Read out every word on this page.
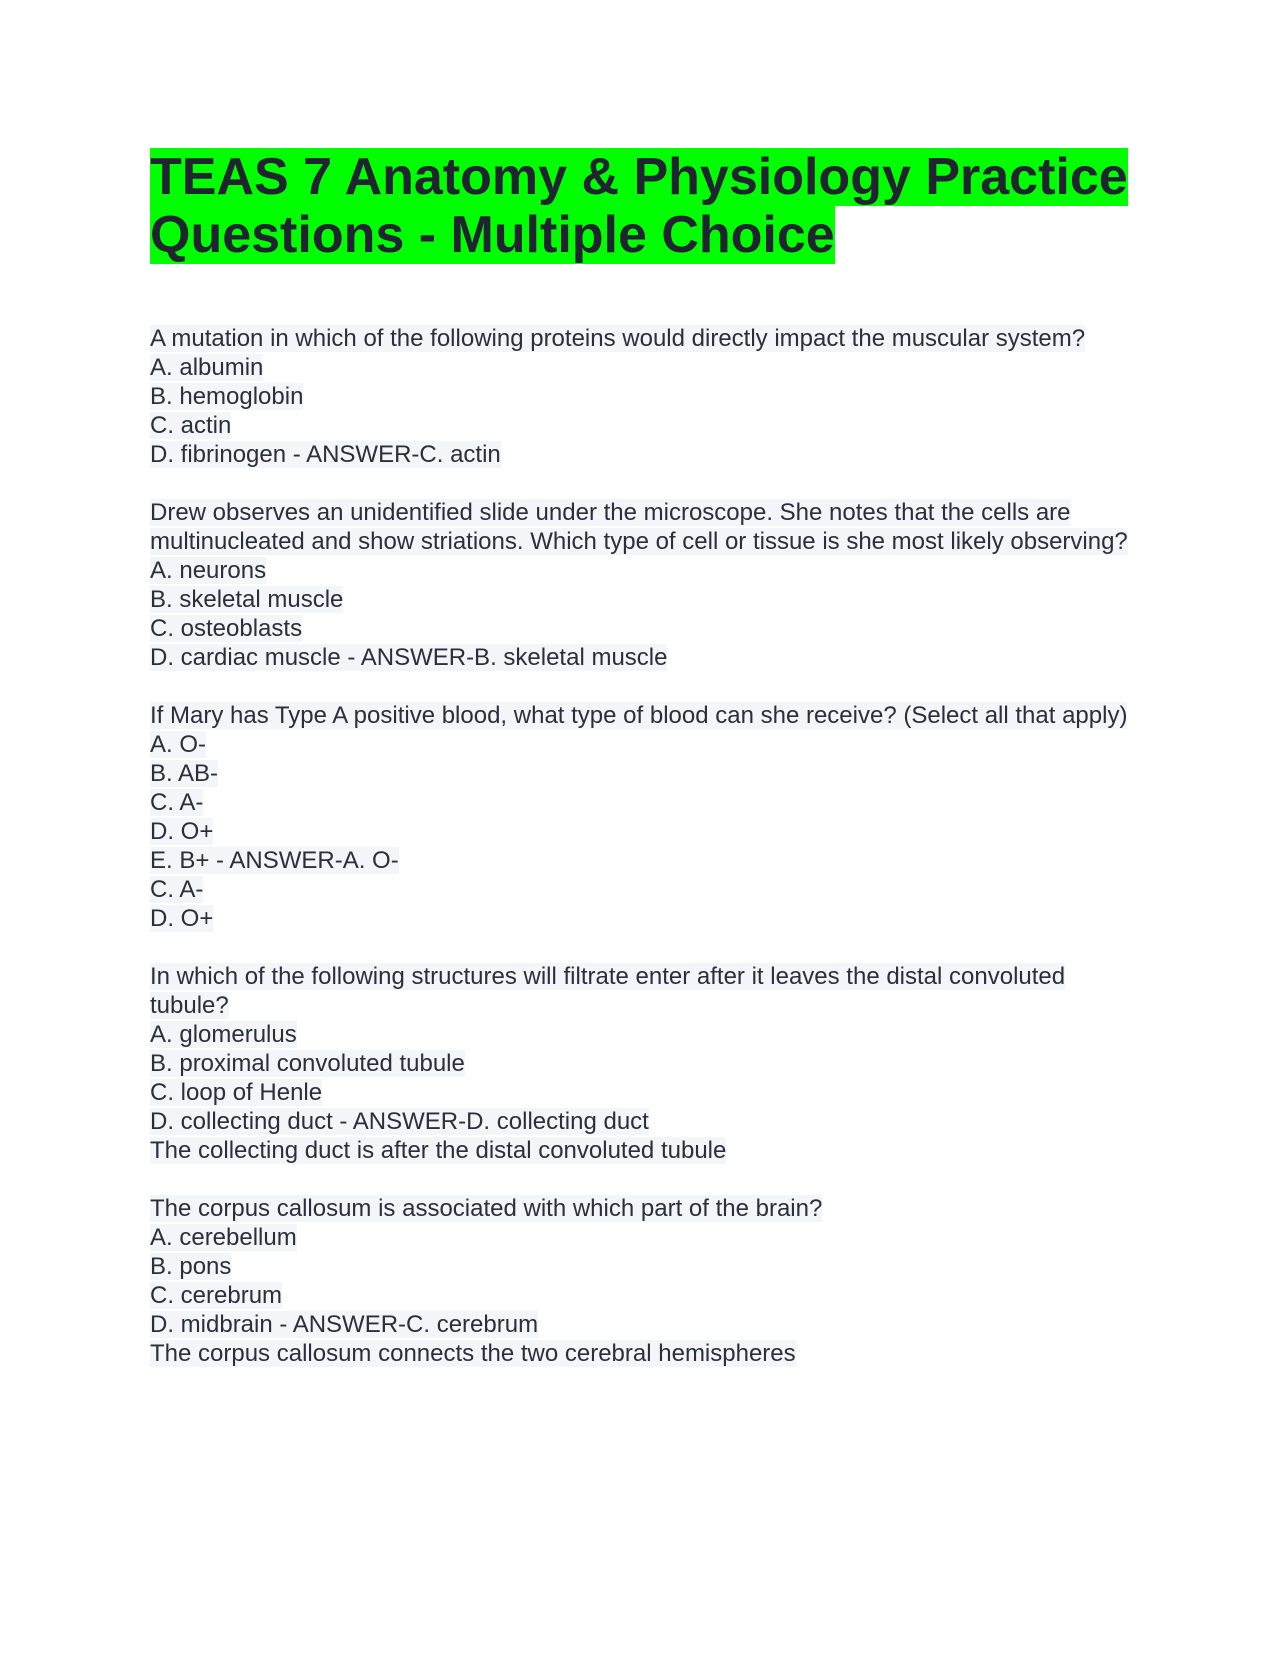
TEAS 7 Anatomy & Physiology Practice Questions - Multiple Choice
A mutation in which of the following proteins would directly impact the muscular system?
A. albumin
B. hemoglobin
C. actin
D. fibrinogen - ANSWER-C. actin
Drew observes an unidentified slide under the microscope. She notes that the cells are multinucleated and show striations. Which type of cell or tissue is she most likely observing?
A. neurons
B. skeletal muscle
C. osteoblasts
D. cardiac muscle - ANSWER-B. skeletal muscle
If Mary has Type A positive blood, what type of blood can she receive? (Select all that apply)
A. O-
B. AB-
C. A-
D. O+
E. B+ - ANSWER-A. O-
C. A-
D. O+
In which of the following structures will filtrate enter after it leaves the distal convoluted tubule?
A. glomerulus
B. proximal convoluted tubule
C. loop of Henle
D. collecting duct - ANSWER-D. collecting duct
The collecting duct is after the distal convoluted tubule
The corpus callosum is associated with which part of the brain?
A. cerebellum
B. pons
C. cerebrum
D. midbrain - ANSWER-C. cerebrum
The corpus callosum connects the two cerebral hemispheres
